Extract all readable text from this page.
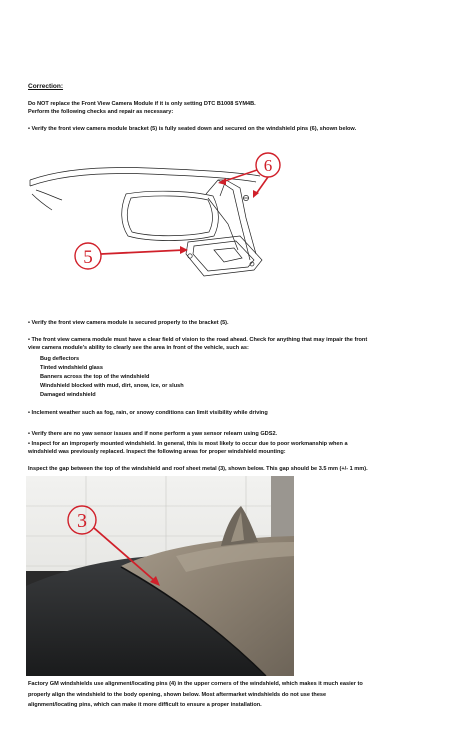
Correction:
Do NOT replace the Front View Camera Module if it is only setting DTC B1008 SYM4B.
Perform the following checks and repair as necessary:
• Verify the front view camera module bracket (5) is fully seated down and secured on the windshield pins (6), shown below.
6
5
• Verify the front view camera module is secured properly to the bracket (5).
• The front view camera module must have a clear field of vision to the road ahead. Check for anything that may impair the front
view camera module's ability to clearly see the area in front of the vehicle, such as:
Bug deflectors
Tinted windshield glass
Banners across the top of the windshield
Windshield blocked with mud, dirt, snow, ice, or slush
Damaged windshield
• Inclement weather such as fog, rain, or snowy conditions can limit visibility while driving
• Verify there are no yaw sensor issues and if none perform a yaw sensor relearn using GDS2.
• Inspect for an improperly mounted windshield. In general, this is most likely to occur due to poor workmanship when a
windshield was previously replaced. Inspect the following areas for proper windshield mounting:
Inspect the gap between the top of the windshield and roof sheet metal (3), shown below. This gap should be 3.5 mm (+/- 1 mm).
3
Factory GM windshields use alignment/locating pins (4) in the upper corners of the windshield, which makes it much easier to
properly align the windshield to the body opening, shown below. Most aftermarket windshields do not use these
alignment/locating pins, which can make it more difficult to ensure a proper installation.
